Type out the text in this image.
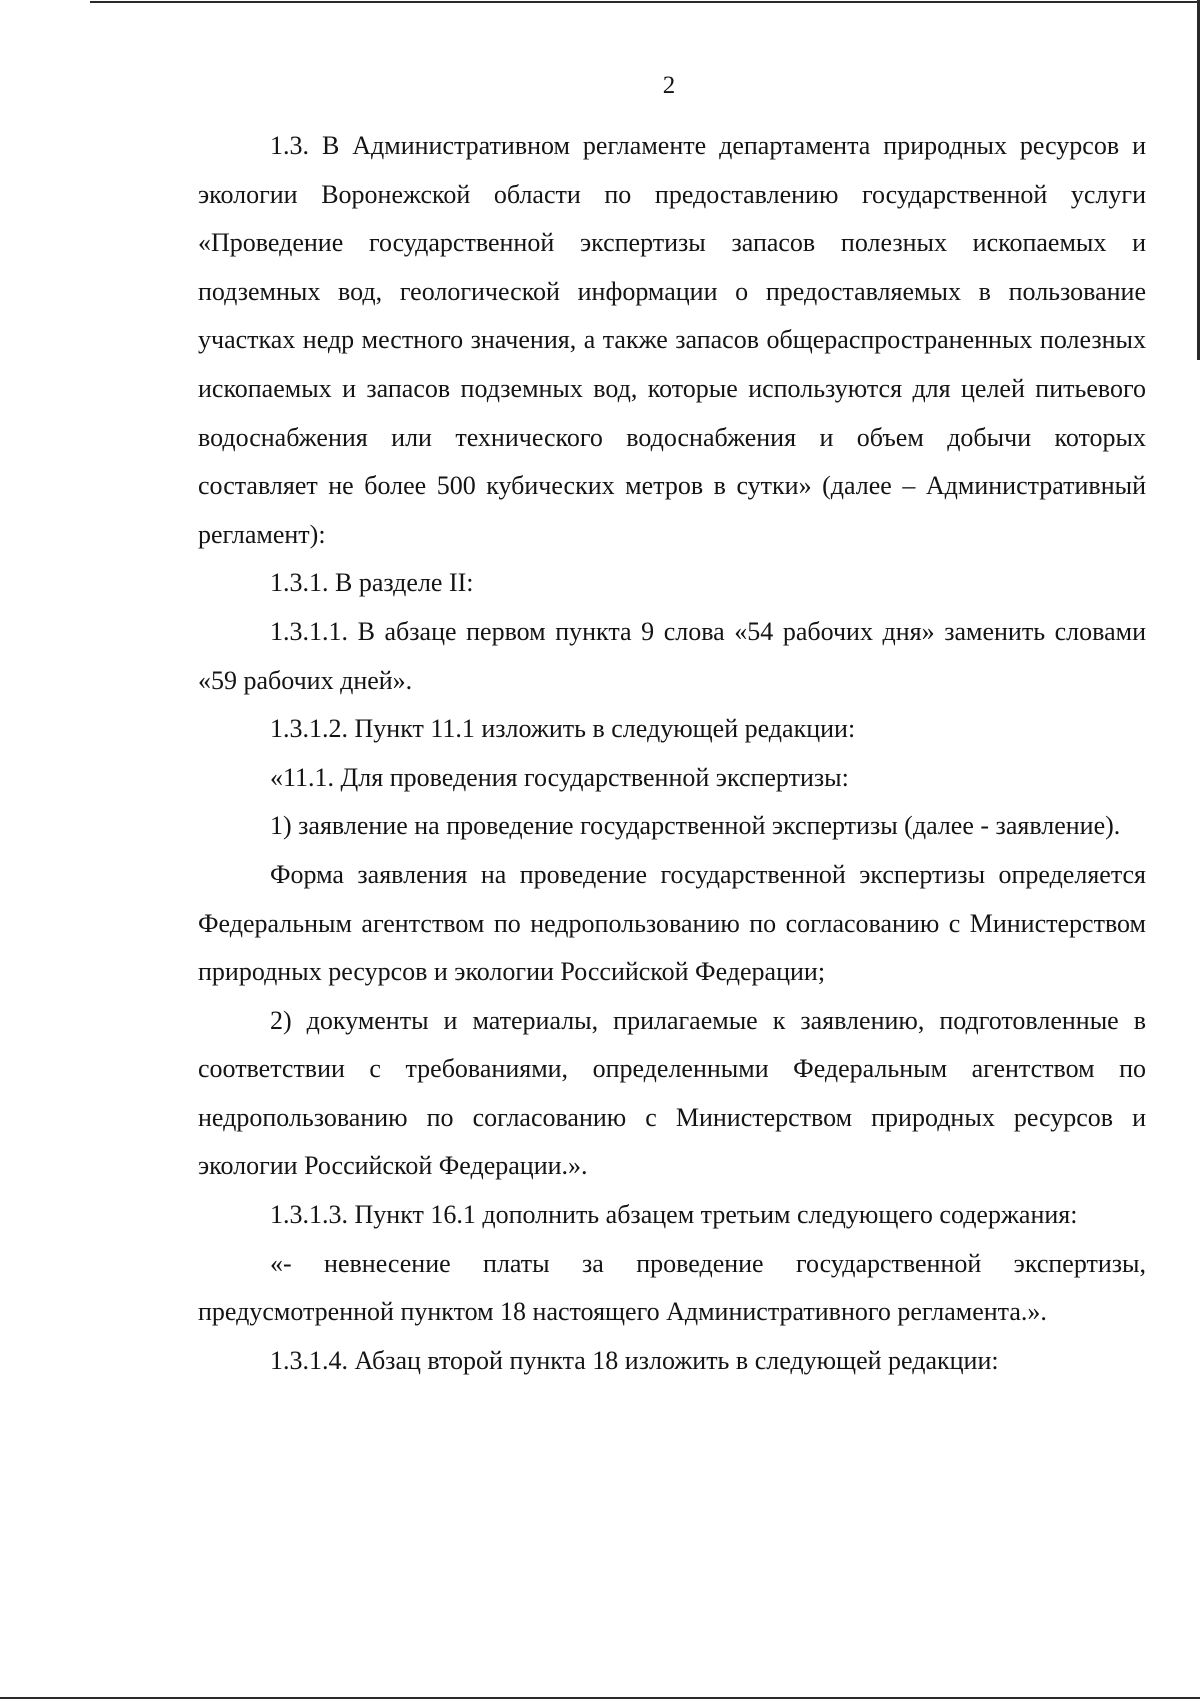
2

1.3. В Административном регламенте департамента природных ресурсов и экологии Воронежской области по предоставлению государственной услуги «Проведение государственной экспертизы запасов полезных ископаемых и подземных вод, геологической информации о предоставляемых в пользование участках недр местного значения, а также запасов общераспространенных полезных ископаемых и запасов подземных вод, которые используются для целей питьевого водоснабжения или технического водоснабжения и объем добычи которых составляет не более 500 кубических метров в сутки» (далее – Административный регламент):

1.3.1. В разделе II:

1.3.1.1. В абзаце первом пункта 9 слова «54 рабочих дня» заменить словами «59 рабочих дней».

1.3.1.2. Пункт 11.1 изложить в следующей редакции:

«11.1. Для проведения государственной экспертизы:

1) заявление на проведение государственной экспертизы (далее - заявление).

Форма заявления на проведение государственной экспертизы определяется Федеральным агентством по недропользованию по согласованию с Министерством природных ресурсов и экологии Российской Федерации;

2) документы и материалы, прилагаемые к заявлению, подготовленные в соответствии с требованиями, определенными Федеральным агентством по недропользованию по согласованию с Министерством природных ресурсов и экологии Российской Федерации.».

1.3.1.3. Пункт 16.1 дополнить абзацем третьим следующего содержания:

«- невнесение платы за проведение государственной экспертизы, предусмотренной пунктом 18 настоящего Административного регламента.».

1.3.1.4. Абзац второй пункта 18 изложить в следующей редакции:
